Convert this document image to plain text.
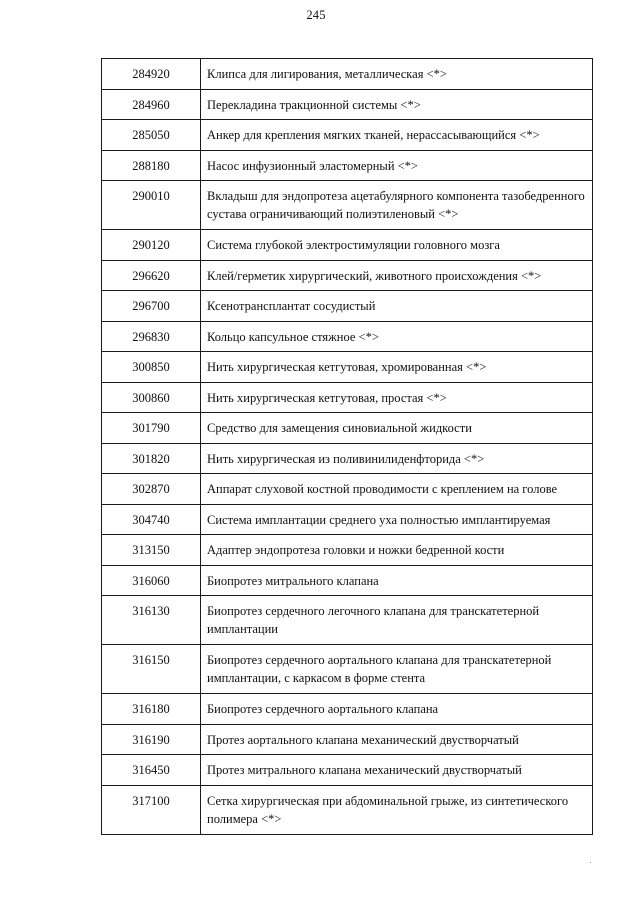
245
284920	Клипса для лигирования, металлическая <*>
284960	Перекладина тракционной системы <*>
285050	Анкер для крепления мягких тканей, нерассасывающийся <*>
288180	Насос инфузионный эластомерный <*>
290010	Вкладыш для эндопротеза ацетабулярного компонента тазобедренного сустава ограничивающий полиэтиленовый <*>
290120	Система глубокой электростимуляции головного мозга
296620	Клей/герметик хирургический, животного происхождения <*>
296700	Ксенотрансплантат сосудистый
296830	Кольцо капсульное стяжное <*>
300850	Нить хирургическая кетгутовая, хромированная <*>
300860	Нить хирургическая кетгутовая, простая <*>
301790	Средство для замещения синовиальной жидкости
301820	Нить хирургическая из поливинилиденфторида <*>
302870	Аппарат слуховой костной проводимости с креплением на голове
304740	Система имплантации среднего уха полностью имплантируемая
313150	Адаптер эндопротеза головки и ножки бедренной кости
316060	Биопротез митрального клапана
316130	Биопротез сердечного легочного клапана для транскатетерной имплантации
316150	Биопротез сердечного аортального клапана для транскатетерной имплантации, с каркасом в форме стента
316180	Биопротез сердечного аортального клапана
316190	Протез аортального клапана механический двустворчатый
316450	Протез митрального клапана механический двустворчатый
317100	Сетка хирургическая при абдоминальной грыже, из синтетического полимера <*>
